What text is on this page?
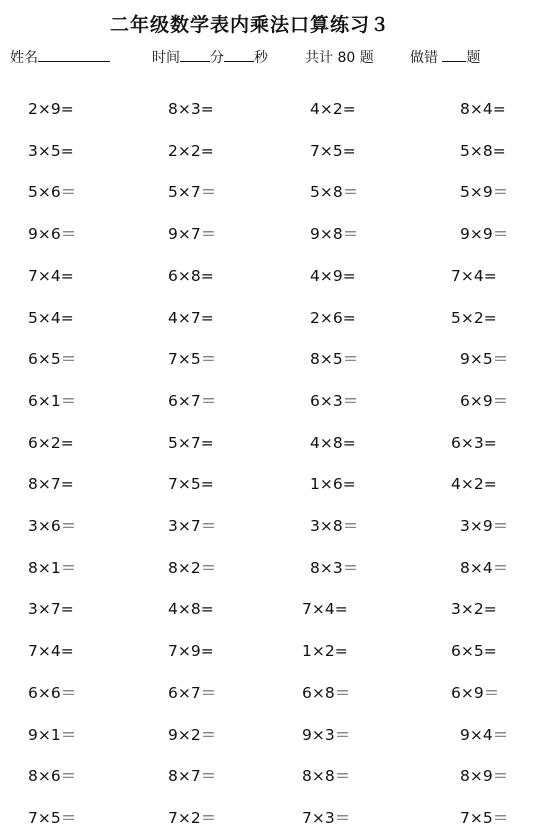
二年级数学表内乘法口算练习３
姓名	时间 分 秒	共计 80 题	做错 题
2×9=	8×3=	4×2=	8×4=
3×5=	2×2=	7×5=	5×8=
5×6＝	5×7＝	5×8＝	5×9＝
9×6＝	9×7＝	9×8＝	9×9＝
7×4=	6×8=	4×9=	7×4=
5×4=	4×7=	2×6=	5×2=
6×5＝	7×5＝	8×5＝	9×5＝
6×1＝	6×7＝	6×3＝	6×9＝
6×2=	5×7=	4×8=	6×3=
8×7=	7×5=	1×6=	4×2=
3×6＝	3×7＝	3×8＝	3×9＝
8×1＝	8×2＝	8×3＝	8×4＝
3×7=	4×8=	7×4=	3×2=
7×4=	7×9=	1×2=	6×5=
6×6＝	6×7＝	6×8＝	6×9＝
9×1＝	9×2＝	9×3＝	9×4＝
8×6＝	8×7＝	8×8＝	8×9＝
7×5＝	7×2＝	7×3＝	7×5＝
